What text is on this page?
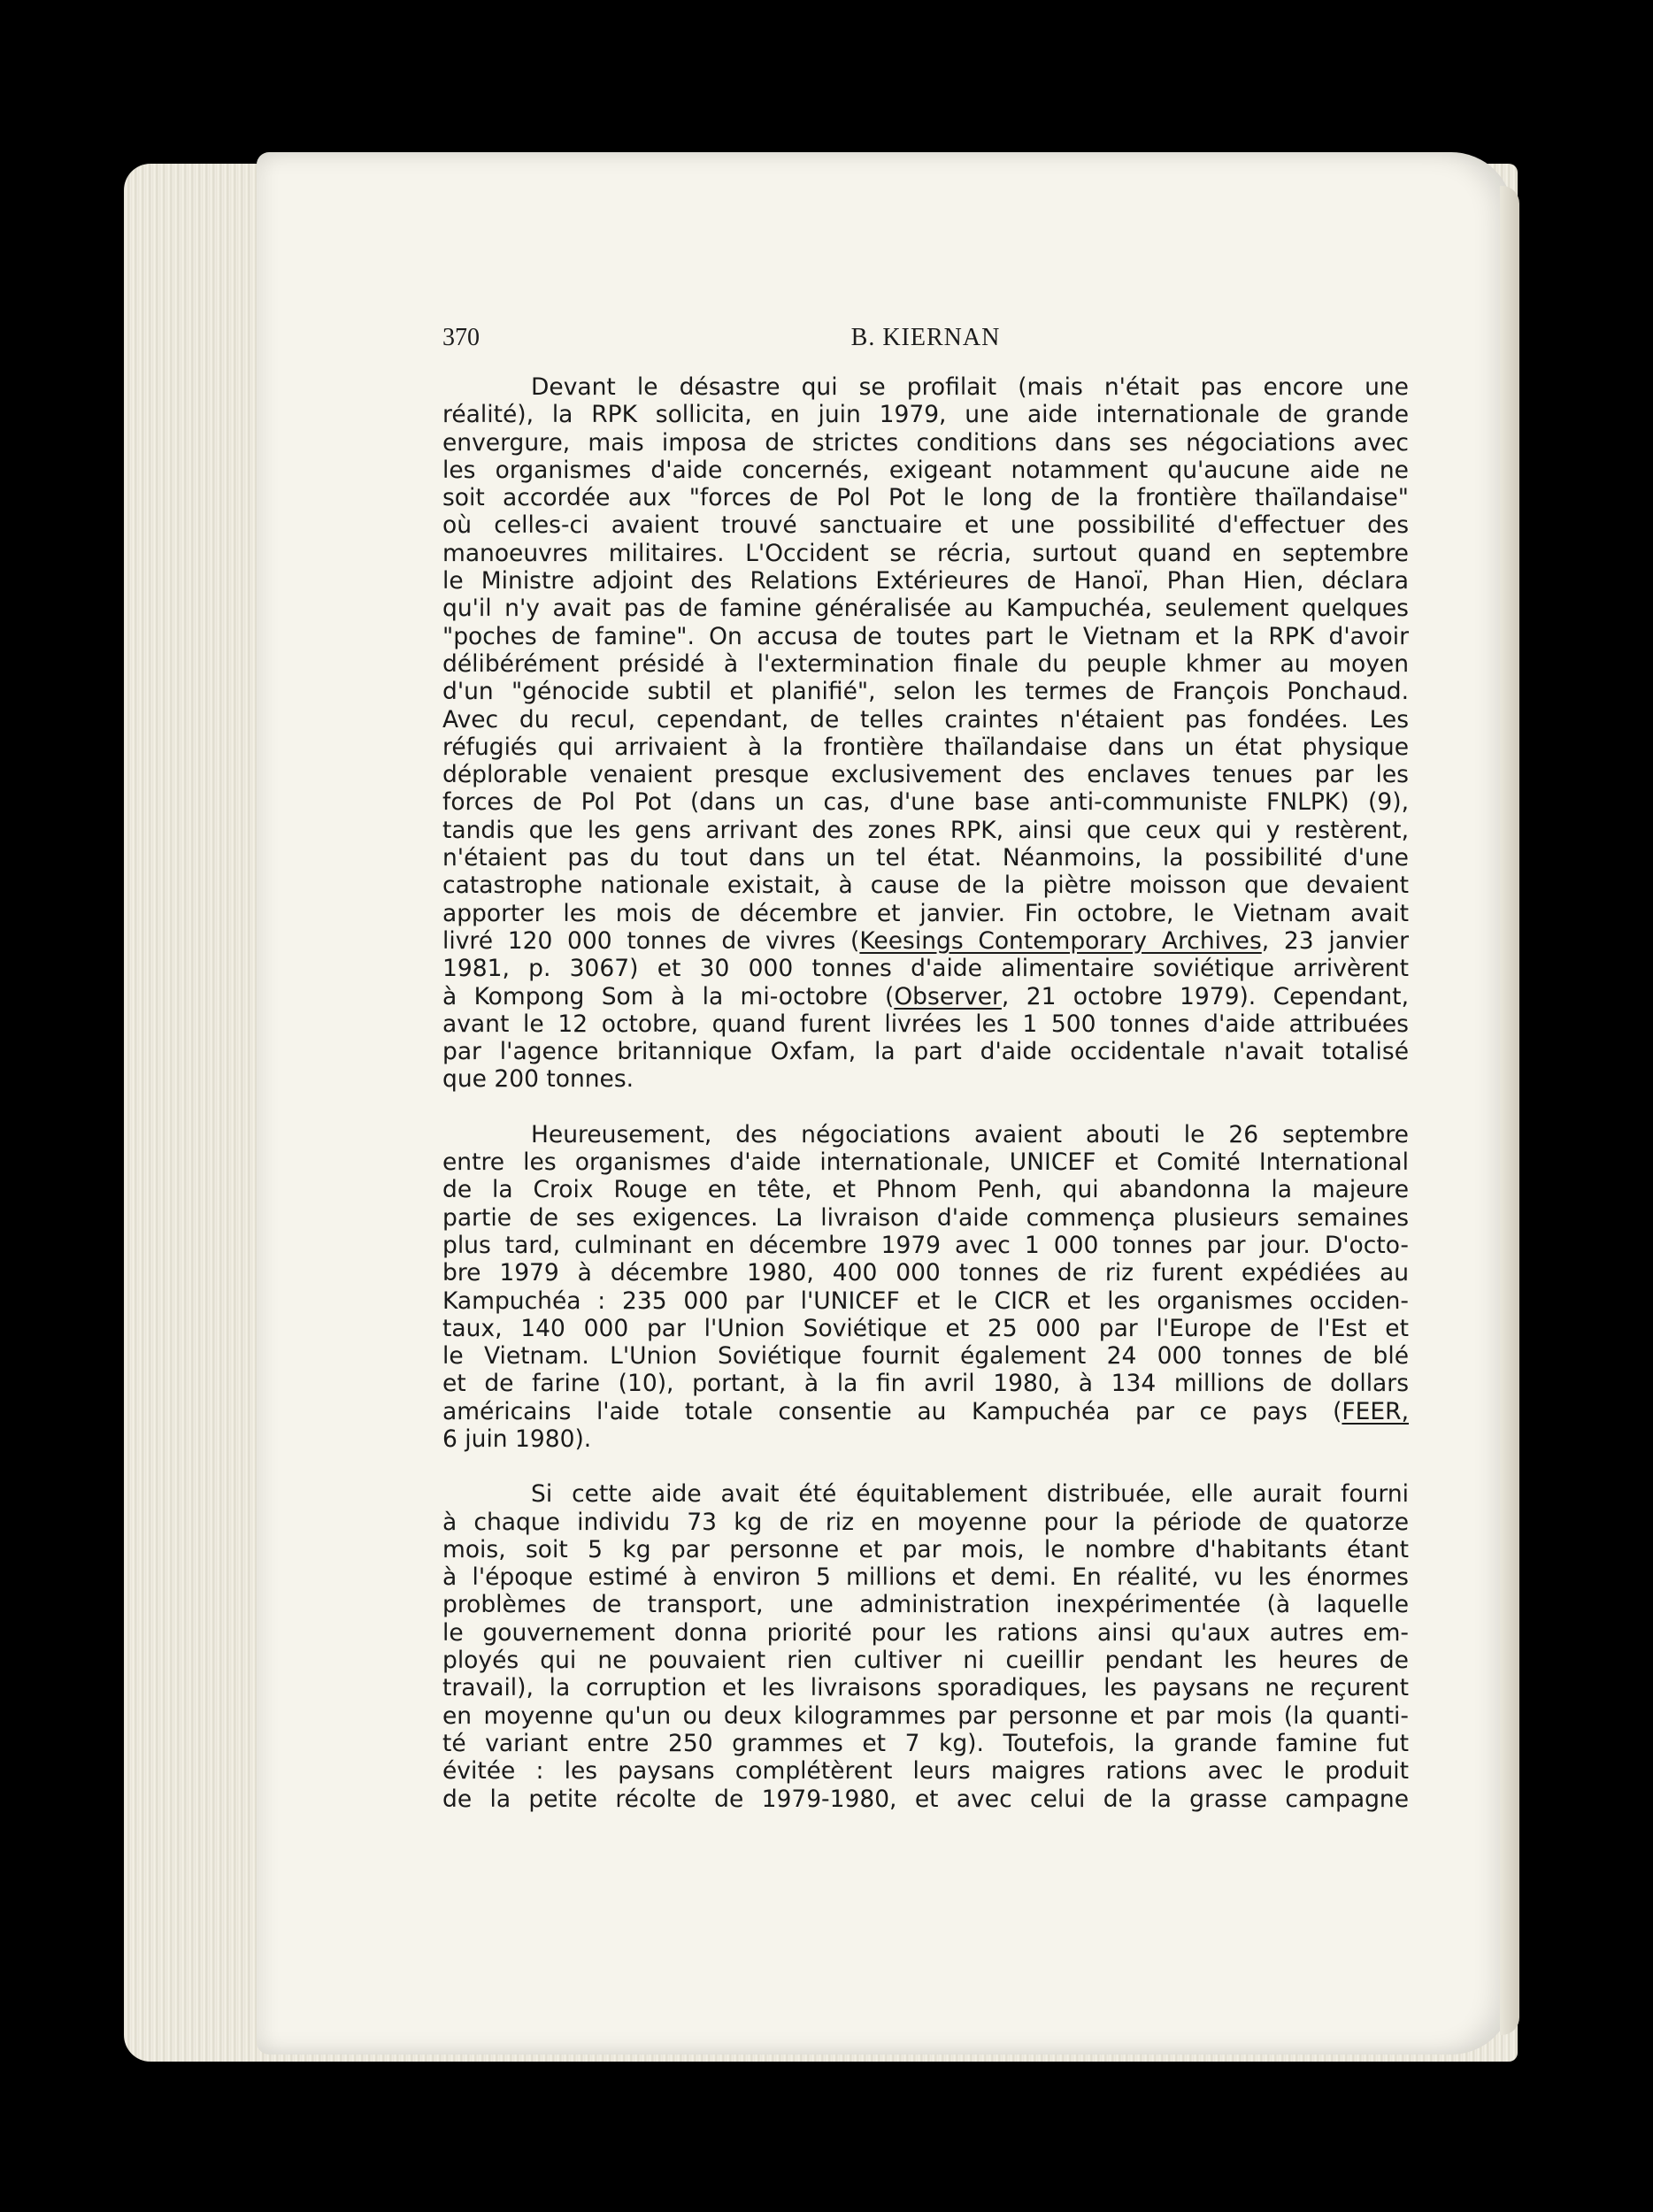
370	B. KIERNAN
Devant le désastre qui se profilait (mais n'était pas encore une
réalité), la RPK sollicita, en juin 1979, une aide internationale de grande
envergure, mais imposa de strictes conditions dans ses négociations avec
les organismes d'aide concernés, exigeant notamment qu'aucune aide ne
soit accordée aux "forces de Pol Pot le long de la frontière thaïlandaise"
où celles-ci avaient trouvé sanctuaire et une possibilité d'effectuer des
manoeuvres militaires. L'Occident se récria, surtout quand en septembre
le Ministre adjoint des Relations Extérieures de Hanoï, Phan Hien, déclara
qu'il n'y avait pas de famine généralisée au Kampuchéa, seulement quelques
"poches de famine". On accusa de toutes part le Vietnam et la RPK d'avoir
délibérément présidé à l'extermination finale du peuple khmer au moyen
d'un "génocide subtil et planifié", selon les termes de François Ponchaud.
Avec du recul, cependant, de telles craintes n'étaient pas fondées. Les
réfugiés qui arrivaient à la frontière thaïlandaise dans un état physique
déplorable venaient presque exclusivement des enclaves tenues par les
forces de Pol Pot (dans un cas, d'une base anti-communiste FNLPK) (9),
tandis que les gens arrivant des zones RPK, ainsi que ceux qui y restèrent,
n'étaient pas du tout dans un tel état. Néanmoins, la possibilité d'une
catastrophe nationale existait, à cause de la piètre moisson que devaient
apporter les mois de décembre et janvier. Fin octobre, le Vietnam avait
livré 120 000 tonnes de vivres (Keesings Contemporary Archives, 23 janvier
1981, p. 3067) et 30 000 tonnes d'aide alimentaire soviétique arrivèrent
à Kompong Som à la mi-octobre (Observer, 21 octobre 1979). Cependant,
avant le 12 octobre, quand furent livrées les 1 500 tonnes d'aide attribuées
par l'agence britannique Oxfam, la part d'aide occidentale n'avait totalisé
que 200 tonnes.
Heureusement, des négociations avaient abouti le 26 septembre
entre les organismes d'aide internationale, UNICEF et Comité International
de la Croix Rouge en tête, et Phnom Penh, qui abandonna la majeure
partie de ses exigences. La livraison d'aide commença plusieurs semaines
plus tard, culminant en décembre 1979 avec 1 000 tonnes par jour. D'octo-
bre 1979 à décembre 1980, 400 000 tonnes de riz furent expédiées au
Kampuchéa : 235 000 par l'UNICEF et le CICR et les organismes occiden-
taux, 140 000 par l'Union Soviétique et 25 000 par l'Europe de l'Est et
le Vietnam. L'Union Soviétique fournit également 24 000 tonnes de blé
et de farine (10), portant, à la fin avril 1980, à 134 millions de dollars
américains l'aide totale consentie au Kampuchéa par ce pays (FEER,
6 juin 1980).
Si cette aide avait été équitablement distribuée, elle aurait fourni
à chaque individu 73 kg de riz en moyenne pour la période de quatorze
mois, soit 5 kg par personne et par mois, le nombre d'habitants étant
à l'époque estimé à environ 5 millions et demi. En réalité, vu les énormes
problèmes de transport, une administration inexpérimentée (à laquelle
le gouvernement donna priorité pour les rations ainsi qu'aux autres em-
ployés qui ne pouvaient rien cultiver ni cueillir pendant les heures de
travail), la corruption et les livraisons sporadiques, les paysans ne reçurent
en moyenne qu'un ou deux kilogrammes par personne et par mois (la quanti-
té variant entre 250 grammes et 7 kg). Toutefois, la grande famine fut
évitée : les paysans complétèrent leurs maigres rations avec le produit
de la petite récolte de 1979-1980, et avec celui de la grasse campagne
